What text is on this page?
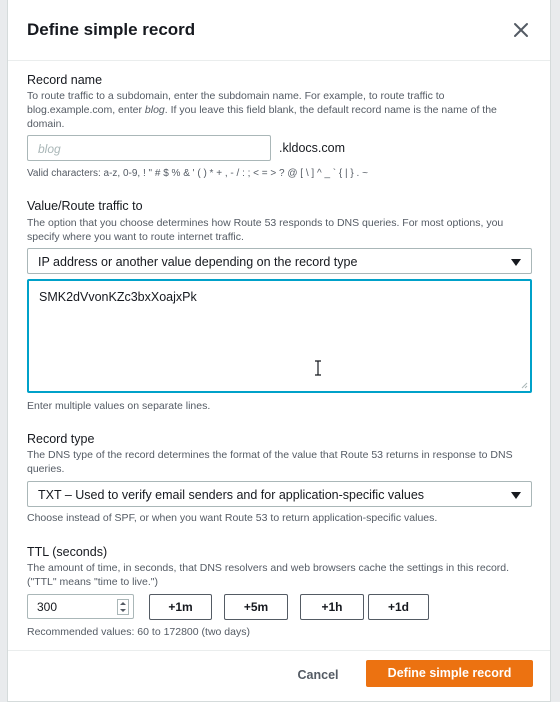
Define simple record
Record name
To route traffic to a subdomain, enter the subdomain name. For example, to route traffic to blog.example.com, enter blog. If you leave this field blank, the default record name is the name of the domain.
blog	.kldocs.com
Valid characters: a-z, 0-9, ! " # $ % & ' ( ) * + , - / : ; < = > ? @ [ \ ] ^ _ ` { | } . ~
Value/Route traffic to
The option that you choose determines how Route 53 responds to DNS queries. For most options, you specify where you want to route internet traffic.
IP address or another value depending on the record type
SMK2dVvonKZc3bxXoajxPk
Enter multiple values on separate lines.
Record type
The DNS type of the record determines the format of the value that Route 53 returns in response to DNS queries.
TXT – Used to verify email senders and for application-specific values
Choose instead of SPF, or when you want Route 53 to return application-specific values.
TTL (seconds)
The amount of time, in seconds, that DNS resolvers and web browsers cache the settings in this record. ("TTL" means "time to live.")
300	+1m	+5m	+1h	+1d
Recommended values: 60 to 172800 (two days)
Cancel	Define simple record
